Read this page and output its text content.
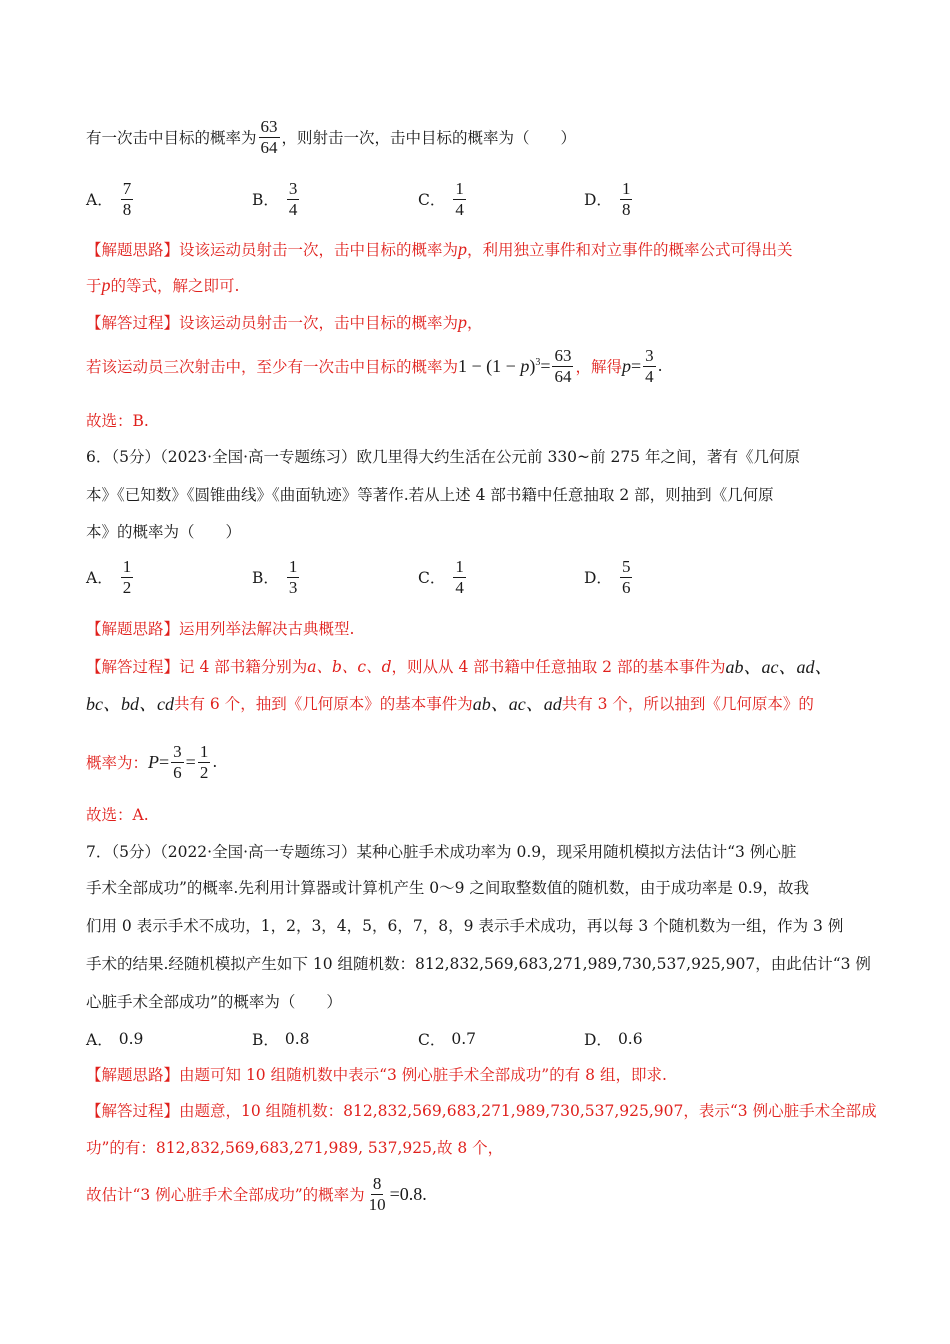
有一次击中目标的概率为 $\frac{63}{64}$ ，则射击一次，击中目标的概率为（　　）
A． $\frac{7}{8}$	B． $\frac{3}{4}$	C． $\frac{1}{4}$	D． $\frac{1}{8}$
【解题思路】 设该运动员射击一次，击中目标的概率为 p ，利用独立事件和对立事件的概率公式可得出关
于 p 的等式，解之即可.
【解答过程】 设该运动员射击一次，击中目标的概率为 p ，
若该运动员三次射击中，至少有一次击中目标的概率为 $1 - (1 - p)^3= \frac{63}{64}$ ，解得 $p= \frac{3}{4}$ .
故选：B.
6．（5分）（2023·全国·高一专题练习）欧几里得大约生活在公元前 330~前 275 年之间，著有《几何原
本》《已知数》《圆锥曲线》《曲面轨迹》等著作.若从上述 4 部书籍中任意抽取 2 部，则抽到《几何原
本》的概率为（　　）
A． $\frac{1}{2}$	B． $\frac{1}{3}$	C． $\frac{1}{4}$	D． $\frac{5}{6}$
【解题思路】 运用列举法解决古典概型.
【解答过程】 记 4 部书籍分别为 a、b、c、d ，则从从 4 部书籍中任意抽取 2 部的基本事件为 ab、ac、ad、
bc、bd、cd 共有 6 个，抽到《几何原本》的基本事件为 ab、ac、ad 共有 3 个，所以抽到《几何原本》的
概率为： $P = \frac{3}{6} = \frac{1}{2}$ .
故选：A.
7．（5分）（2022·全国·高一专题练习）某种心脏手术成功率为 0.9，现采用随机模拟方法估计“3 例心脏
手术全部成功”的概率.先利用计算器或计算机产生 0～9 之间取整数值的随机数，由于成功率是 0.9，故我
们用 0 表示手术不成功，1，2，3，4，5，6，7，8，9 表示手术成功，再以每 3 个随机数为一组，作为 3 例
手术的结果.经随机模拟产生如下 10 组随机数：812,832,569,683,271,989,730,537,925,907，由此估计“3 例
心脏手术全部成功”的概率为（　　）
A． 0.9	B． 0.8	C． 0.7	D． 0.6
【解题思路】 由题可知 10 组随机数中表示“3 例心脏手术全部成功”的有 8 组，即求.
【解答过程】 由题意，10 组随机数：812,832,569,683,271,989,730,537,925,907，表示“3 例心脏手术全部成
功”的有：812,832,569,683,271,989, 537,925,故 8 个，
故估计“3 例心脏手术全部成功”的概率为 $\frac{8}{10} =0.8$.
